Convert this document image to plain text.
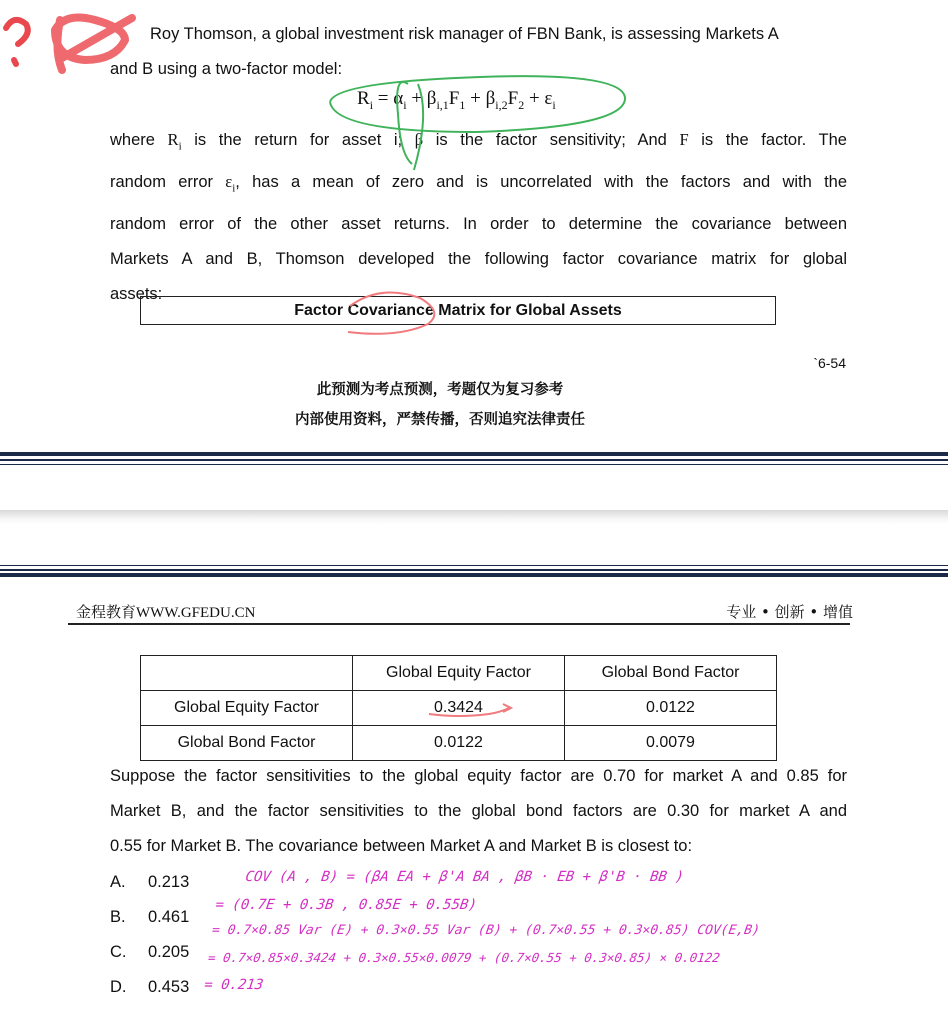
Roy Thomson, a global investment risk manager of FBN Bank, is assessing Markets A
and B using a two-factor model:
$R_i = \alpha_i + \beta_{i,1}F_1 + \beta_{i,2}F_2 + \varepsilon_i$
where $R_i$ is the return for asset i; β is the factor sensitivity; And F is the factor. The
random error $\varepsilon_i$, has a mean of zero and is uncorrelated with the factors and with the
random error of the other asset returns. In order to determine the covariance between
Markets A and B, Thomson developed the following factor covariance matrix for global
assets:
Factor Covariance Matrix for Global Assets
`6-54
此预测为考点预测，考题仅为复习参考
内部使用资料，严禁传播，否则追究法律责任
金程教育WWW.GFEDU.CN	专业 • 创新 • 增值
	Global Equity Factor	Global Bond Factor
Global Equity Factor	0.3424	0.0122
Global Bond Factor	0.0122	0.0079
Suppose the factor sensitivities to the global equity factor are 0.70 for market A and 0.85 for
Market B, and the factor sensitivities to the global bond factors are 0.30 for market A and
0.55 for Market B. The covariance between Market A and Market B is closest to:
A. 0.213
B. 0.461
C. 0.205
D. 0.453
COV (A , B) = (βA EA + β'A BA , βB · EB + β'B · BB )
= (0.7E + 0.3B , 0.85E + 0.55B)
= 0.7×0.85 Var (E) + 0.3×0.55 Var (B) + (0.7×0.55 + 0.3×0.85) COV(E,B)
= 0.7×0.85×0.3424 + 0.3×0.55×0.0079 + (0.7×0.55 + 0.3×0.85) × 0.0122
= 0.213
